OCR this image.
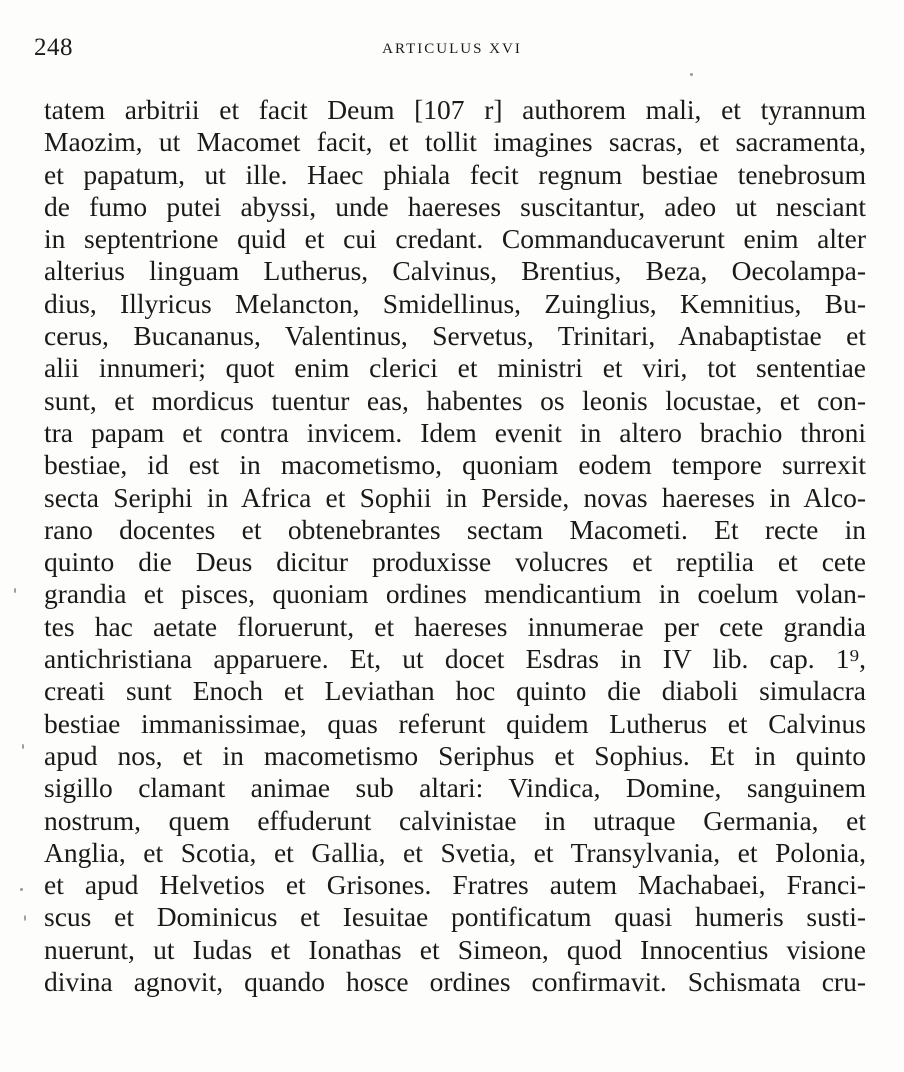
248	ARTICULUS XVI
tatem arbitrii et facit Deum [107 r] authorem mali, et tyrannum
Maozim, ut Macomet facit, et tollit imagines sacras, et sacramenta,
et papatum, ut ille. Haec phiala fecit regnum bestiae tenebrosum
de fumo putei abyssi, unde haereses suscitantur, adeo ut nesciant
in septentrione quid et cui credant. Commanducaverunt enim alter
alterius linguam Lutherus, Calvinus, Brentius, Beza, Oecolampa-
dius, Illyricus Melancton, Smidellinus, Zuinglius, Kemnitius, Bu-
cerus, Bucananus, Valentinus, Servetus, Trinitari, Anabaptistae et
alii innumeri; quot enim clerici et ministri et viri, tot sententiae
sunt, et mordicus tuentur eas, habentes os leonis locustae, et con-
tra papam et contra invicem. Idem evenit in altero brachio throni
bestiae, id est in macometismo, quoniam eodem tempore surrexit
secta Seriphi in Africa et Sophii in Perside, novas haereses in Alco-
rano docentes et obtenebrantes sectam Macometi. Et recte in
quinto die Deus dicitur produxisse volucres et reptilia et cete
grandia et pisces, quoniam ordines mendicantium in coelum volan-
tes hac aetate floruerunt, et haereses innumerae per cete grandia
antichristiana apparuere. Et, ut docet Esdras in IV lib. cap. 1⁹,
creati sunt Enoch et Leviathan hoc quinto die diaboli simulacra
bestiae immanissimae, quas referunt quidem Lutherus et Calvinus
apud nos, et in macometismo Seriphus et Sophius. Et in quinto
sigillo clamant animae sub altari: Vindica, Domine, sanguinem
nostrum, quem effuderunt calvinistae in utraque Germania, et
Anglia, et Scotia, et Gallia, et Svetia, et Transylvania, et Polonia,
et apud Helvetios et Grisones. Fratres autem Machabaei, Franci-
scus et Dominicus et Iesuitae pontificatum quasi humeris susti-
nuerunt, ut Iudas et Ionathas et Simeon, quod Innocentius visione
divina agnovit, quando hosce ordines confirmavit. Schismata cru-
